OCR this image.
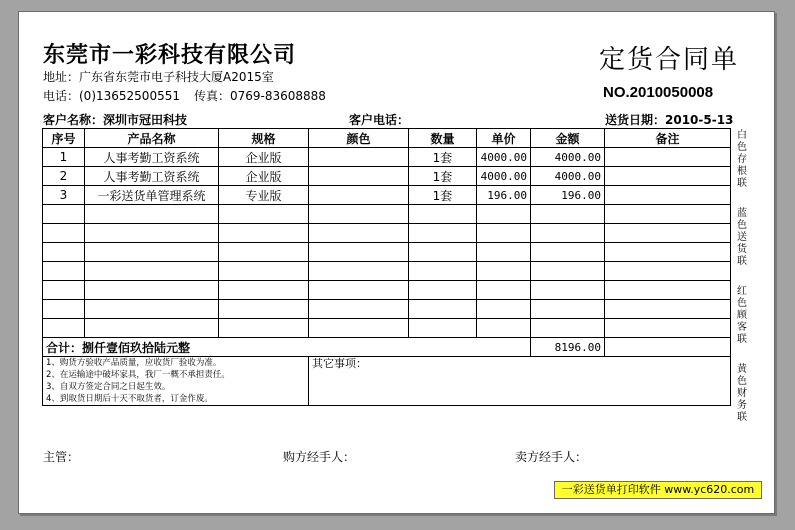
东莞市一彩科技有限公司	定货合同单
地址：广东省东莞市电子科技大厦A2015室
电话：(0)13652500551 传真：0769-83608888	NO.2010050008
客户名称：深圳市冠田科技	客户电话：	送货日期：2010-5-13
序号	产品名称	规格	颜色	数量	单价	金额	备注
1	人事考勤工资系统	企业版		1套	4000.00	4000.00	
2	人事考勤工资系统	企业版		1套	4000.00	4000.00	
3	一彩送货单管理系统	专业版		1套	196.00	196.00	

合计：捌仟壹佰玖拾陆元整						8196.00	

1、购货方验收产品质量，应收货厂验收为准。
2、在运输途中破坏家具，我厂一概不承担责任。
3、自双方签定合同之日起生效。
4、到取货日期后十天不取货者，订金作废。			其它事项：				
白色存根联
蓝色送货联
红色顾客联
黄色财务联
主管：	购方经手人：	卖方经手人：
一彩送货单打印软件 www.yc620.com
